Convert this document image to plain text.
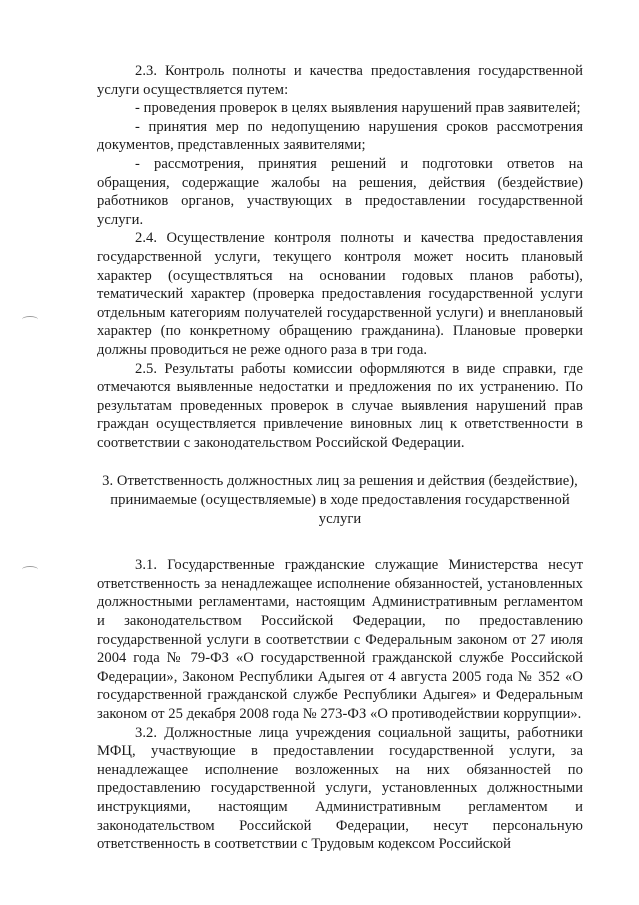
2.3. Контроль полноты и качества предоставления государственной услуги осуществляется путем:

- проведения проверок в целях выявления нарушений прав заявителей;

- принятия мер по недопущению нарушения сроков рассмотрения документов, представленных заявителями;

- рассмотрения, принятия решений и подготовки ответов на обращения, содержащие жалобы на решения, действия (бездействие) работников органов, участвующих в предоставлении государственной услуги.

2.4. Осуществление контроля полноты и качества предоставления государственной услуги, текущего контроля может носить плановый характер (осуществляться на основании годовых планов работы), тематический характер (проверка предоставления государственной услуги отдельным категориям получателей государственной услуги) и внеплановый характер (по конкретному обращению гражданина). Плановые проверки должны проводиться не реже одного раза в три года.

2.5. Результаты работы комиссии оформляются в виде справки, где отмечаются выявленные недостатки и предложения по их устранению. По результатам проведенных проверок в случае выявления нарушений прав граждан осуществляется привлечение виновных лиц к ответственности в соответствии с законодательством Российской Федерации.

3. Ответственность должностных лиц за решения и действия (бездействие), принимаемые (осуществляемые) в ходе предоставления государственной услуги

3.1. Государственные гражданские служащие Министерства несут ответственность за ненадлежащее исполнение обязанностей, установленных должностными регламентами, настоящим Административным регламентом и законодательством Российской Федерации, по предоставлению государственной услуги в соответствии с Федеральным законом от 27 июля 2004 года № 79-ФЗ «О государственной гражданской службе Российской Федерации», Законом Республики Адыгея от 4 августа 2005 года № 352 «О государственной гражданской службе Республики Адыгея» и Федеральным законом от 25 декабря 2008 года № 273-ФЗ «О противодействии коррупции».

3.2. Должностные лица учреждения социальной защиты, работники МФЦ, участвующие в предоставлении государственной услуги, за ненадлежащее исполнение возложенных на них обязанностей по предоставлению государственной услуги, установленных должностными инструкциями, настоящим Административным регламентом и законодательством Российской Федерации, несут персональную ответственность в соответствии с Трудовым кодексом Российской
